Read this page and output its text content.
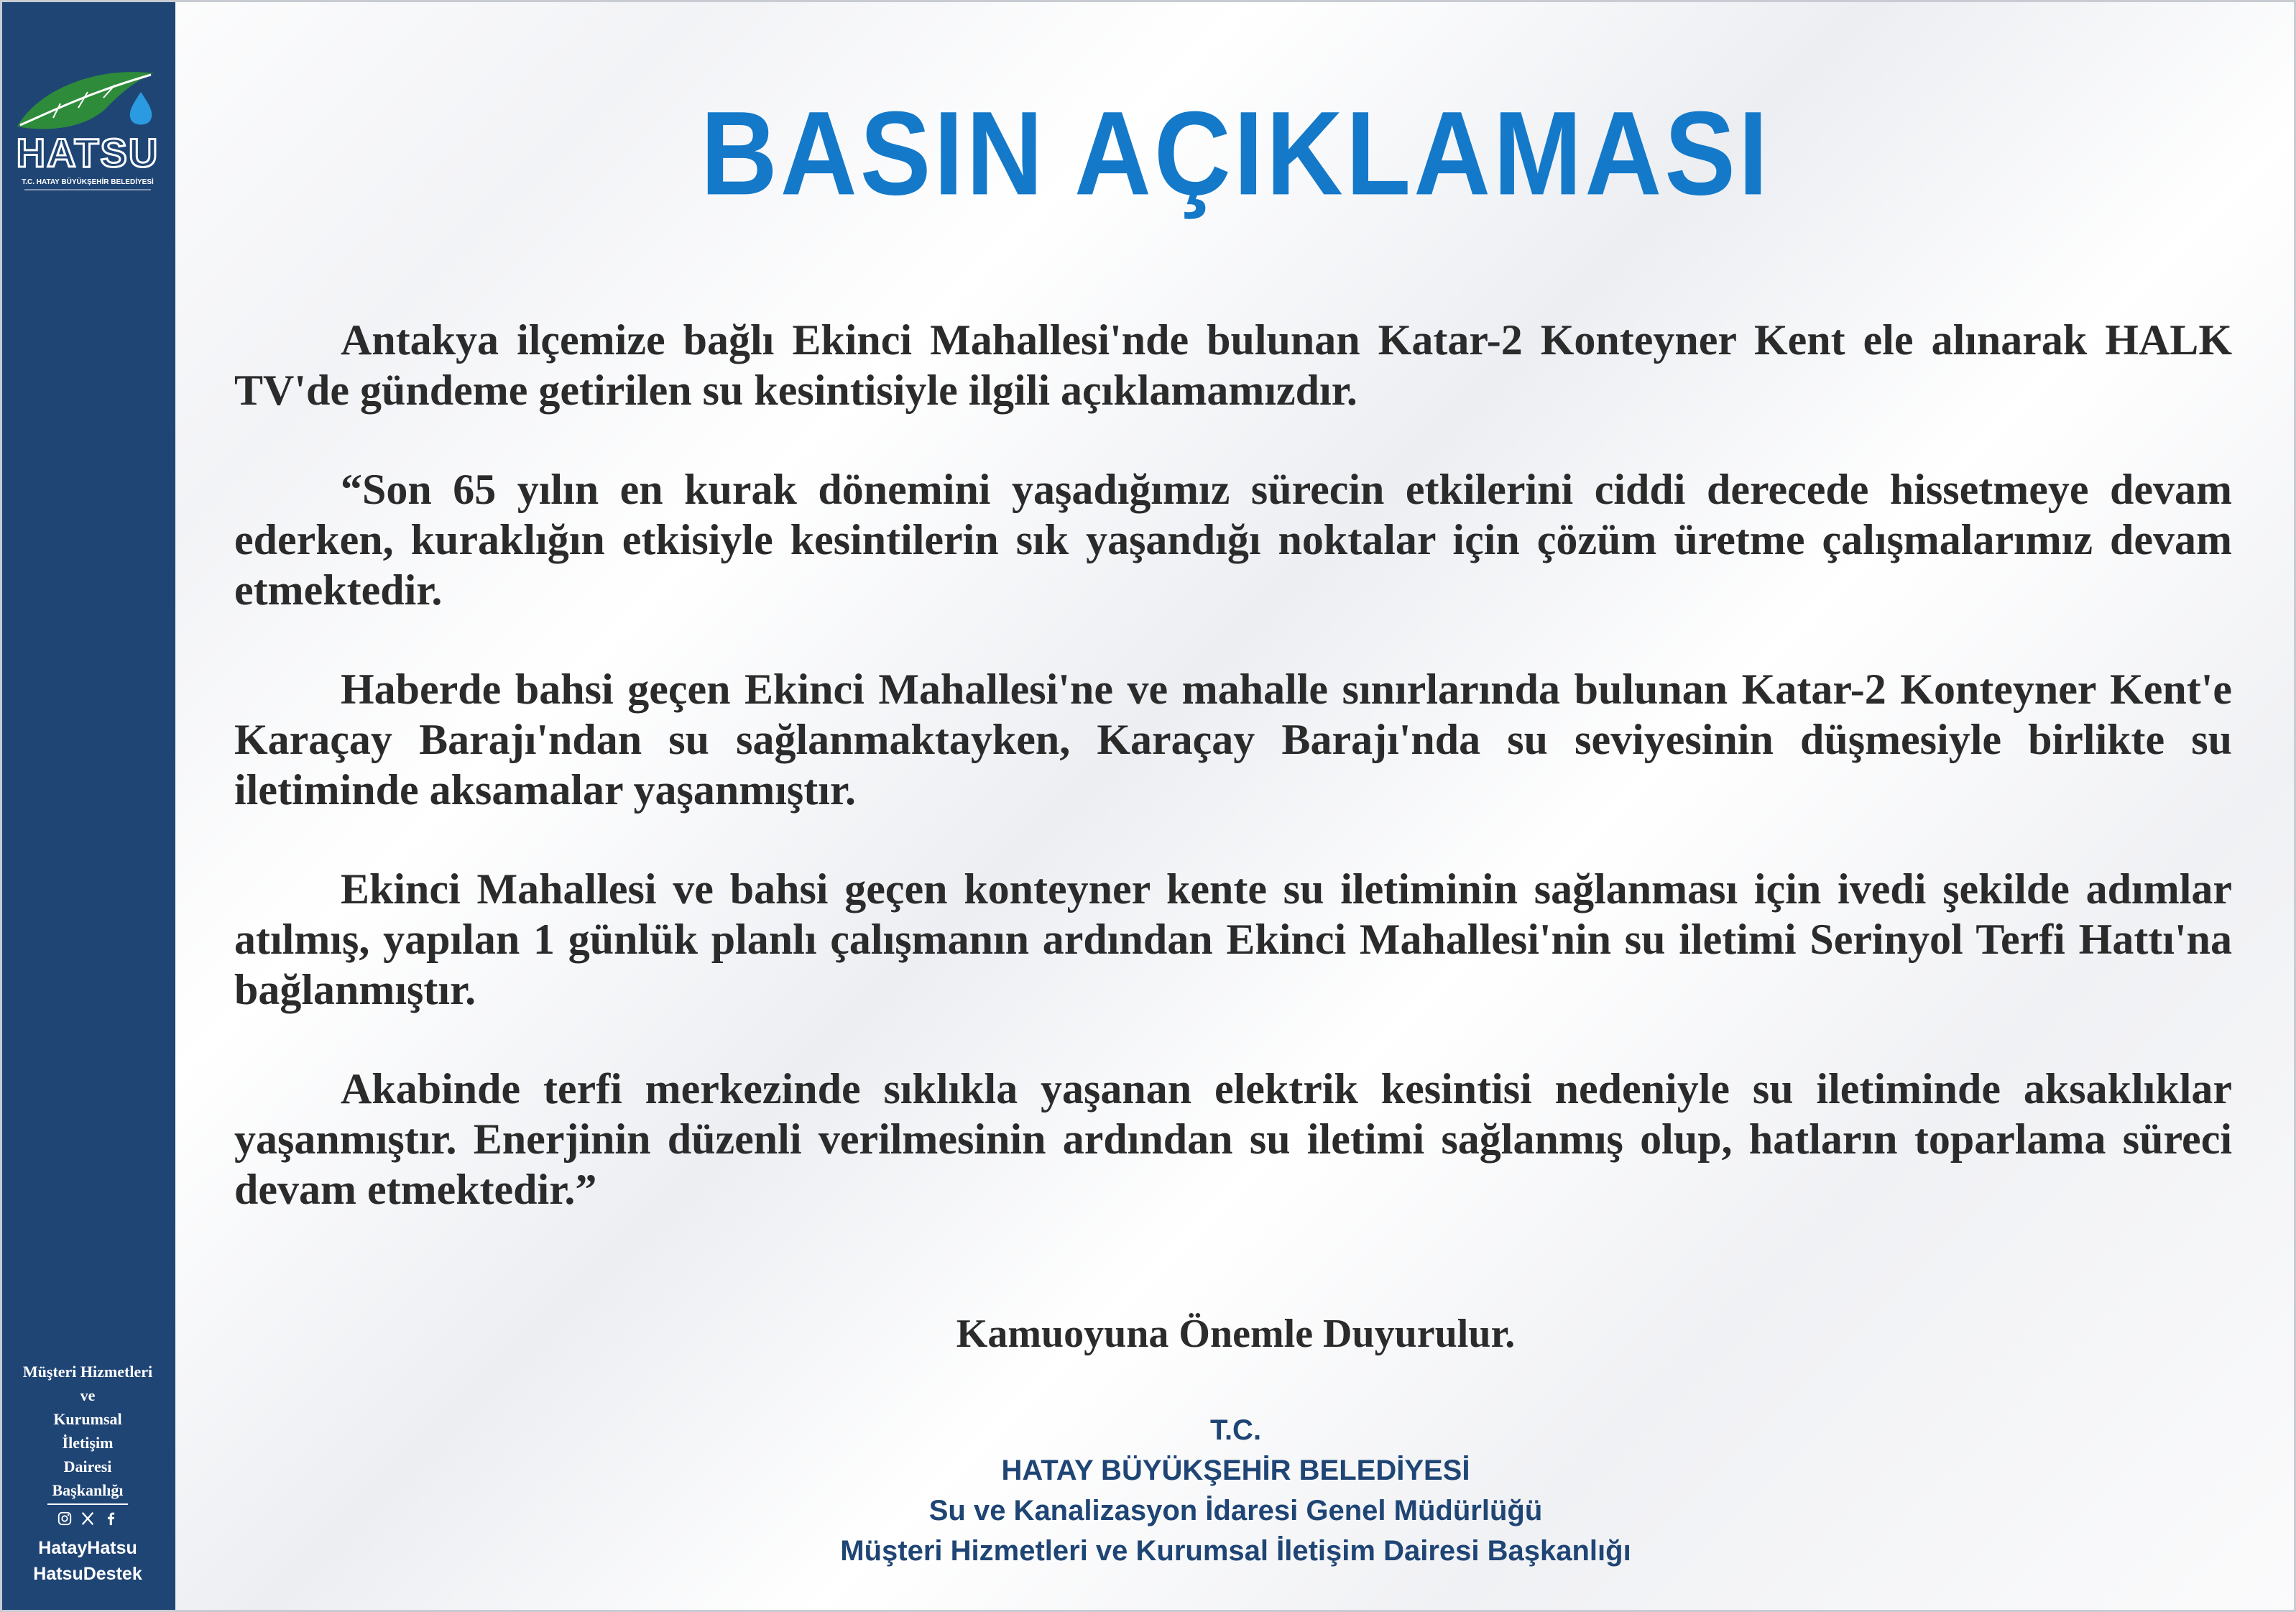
HATSU
T.C. HATAY BÜYÜKŞEHİR BELEDİYESİ
Müşteri Hizmetleri
ve
Kurumsal
İletişim
Dairesi
Başkanlığı
HatayHatsu
HatsuDestek
BASIN AÇIKLAMASI

Antakya ilçemize bağlı Ekinci Mahallesi'nde bulunan Katar-2 Konteyner Kent ele alınarak HALK TV'de gündeme getirilen su kesintisiyle ilgili açıklamamızdır.

“Son 65 yılın en kurak dönemini yaşadığımız sürecin etkilerini ciddi derecede hissetmeye devam ederken, kuraklığın etkisiyle kesintilerin sık yaşandığı noktalar için çözüm üretme çalışmalarımız devam etmektedir.

Haberde bahsi geçen Ekinci Mahallesi'ne ve mahalle sınırlarında bulunan Katar-2 Konteyner Kent'e Karaçay Barajı'ndan su sağlanmaktayken, Karaçay Barajı'nda su seviyesinin düşmesiyle birlikte su iletiminde aksamalar yaşanmıştır.

Ekinci Mahallesi ve bahsi geçen konteyner kente su iletiminin sağlanması için ivedi şekilde adımlar atılmış, yapılan 1 günlük planlı çalışmanın ardından Ekinci Mahallesi'nin su iletimi Serinyol Terfi Hattı'na bağlanmıştır.

Akabinde terfi merkezinde sıklıkla yaşanan elektrik kesintisi nedeniyle su iletiminde aksaklıklar yaşanmıştır. Enerjinin düzenli verilmesinin ardından su iletimi sağlanmış olup, hatların toparlama süreci devam etmektedir.”

Kamuoyuna Önemle Duyurulur.
T.C.
HATAY BÜYÜKŞEHİR BELEDİYESİ
Su ve Kanalizasyon İdaresi Genel Müdürlüğü
Müşteri Hizmetleri ve Kurumsal İletişim Dairesi Başkanlığı
